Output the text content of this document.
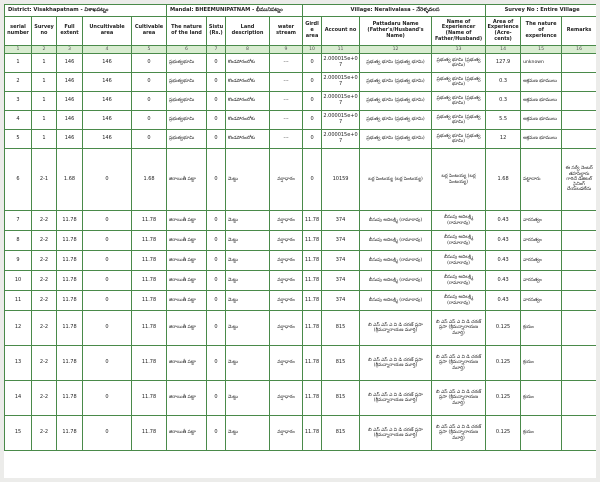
District: Visakhapatnam - విశాఖపట్నం					Mandal: BHEEMUNIPATNAM - భీమునిపట్నం				Village: Neralivalasa - నేరెళ్ళవలస				Survey No : Entire Village		
serial number	Survey no	Full extent	Uncultivable area	Cultivable area	The nature of the land	Sistu (Rs.)	Land description	water stream	Girdle area	Account no	Pattadaru Name (Father's/Husband's Name)	Name of Experiencer (Name of Father/Husband)	Area of Experience (Acre-cents)	The nature of experience	Remarks
1	2	3	4	5	6	7	8	9	10	11	12	13	14	15	16
1	1	146	146	0	ప్రభుత్వభూమి	0	కొండపోరంబోకు	---	0	2.000015e+07	ప్రభుత్వ భూమి (ప్రభుత్వ భూమి)	ప్రభుత్వ భూమి (ప్రభుత్వ భూమి)	127.9	unknown	
2	1	146	146	0	ప్రభుత్వభూమి	0	కొండపోరంబోకు	---	0	2.000015e+07	ప్రభుత్వ భూమి (ప్రభుత్వ భూమి)	ప్రభుత్వ భూమి (ప్రభుత్వ భూమి)	0.3	ఆక్రమణ భూములు	
3	1	146	146	0	ప్రభుత్వభూమి	0	కొండపోరంబోకు	---	0	2.000015e+07	ప్రభుత్వ భూమి (ప్రభుత్వ భూమి)	ప్రభుత్వ భూమి (ప్రభుత్వ భూమి)	0.3	ఆక్రమణ భూములు	
4	1	146	146	0	ప్రభుత్వభూమి	0	కొండపోరంబోకు	---	0	2.000015e+07	ప్రభుత్వ భూమి (ప్రభుత్వ భూమి)	ప్రభుత్వ భూమి (ప్రభుత్వ భూమి)	5.5	ఆక్రమణ భూములు	
5	1	146	146	0	ప్రభుత్వభూమి	0	కొండపోరంబోకు	---	0	2.000015e+07	ప్రభుత్వ భూమి (ప్రభుత్వ భూమి)	ప్రభుత్వ భూమి (ప్రభుత్వ భూమి)	12	ఆక్రమణ భూములు	
6	2-1	1.68	0	1.68	జిరాయితీ పట్టా	0	మెట్టు	వర్షాధారం	0	10159	బర్ల పెంటయ్య (బర్ల పెంటయ్య)	బర్ల పెంటయ్య (బర్ల పెంటయ్య)	1.68	పట్టాదారు	ఈ సర్వే నెంబర్ తహసిల్దారు గారిచే డిజిటల్ సైనింగ్ చేయబడలేదు
7	2-2	11.78	0	11.78	జిరాయితీ పట్టా	0	మెట్టు	వర్షాధారం	11.78	374	బీసుపు అదిలక్ష్మి (రామారావు)	బీసుపు అదిలక్ష్మి (రామారావు)	0.43	వారసత్వం	
8	2-2	11.78	0	11.78	జిరాయితీ పట్టా	0	మెట్టు	వర్షాధారం	11.78	374	బీసుపు అదిలక్ష్మి (రామారావు)	బీసుపు అదిలక్ష్మి (రామారావు)	0.43	వారసత్వం	
9	2-2	11.78	0	11.78	జిరాయితీ పట్టా	0	మెట్టు	వర్షాధారం	11.78	374	బీసుపు అదిలక్ష్మి (రామారావు)	బీసుపు అదిలక్ష్మి (రామారావు)	0.43	వారసత్వం	
10	2-2	11.78	0	11.78	జిరాయితీ పట్టా	0	మెట్టు	వర్షాధారం	11.78	374	బీసుపు అదిలక్ష్మి (రామారావు)	బీసుపు అదిలక్ష్మి (రామారావు)	0.43	వారసత్వం	
11	2-2	11.78	0	11.78	జిరాయితీ పట్టా	0	మెట్టు	వర్షాధారం	11.78	374	బీసుపు అదిలక్ష్మి (రామారావు)	బీసుపు అదిలక్ష్మి (రామారావు)	0.43	వారసత్వం	
12	2-2	11.78	0	11.78	జిరాయితీ పట్టా	0	మెట్టు	వర్షాధారం	11.78	815	బి ఎస్ ఎస్ ఎ వి డి చరణ్ ప్రసా (శ్రీమన్నారాయణ మూర్తి)	బి ఎస్ ఎస్ ఎ వి డి చరణ్ ప్రసా (శ్రీమన్నారాయణ మూర్తి)	0.125	క్రయం	
13	2-2	11.78	0	11.78	జిరాయితీ పట్టా	0	మెట్టు	వర్షాధారం	11.78	815	బి ఎస్ ఎస్ ఎ వి డి చరణ్ ప్రసా (శ్రీమన్నారాయణ మూర్తి)	బి ఎస్ ఎస్ ఎ వి డి చరణ్ ప్రసా (శ్రీమన్నారాయణ మూర్తి)	0.125	క్రయం	
14	2-2	11.78	0	11.78	జిరాయితీ పట్టా	0	మెట్టు	వర్షాధారం	11.78	815	బి ఎస్ ఎస్ ఎ వి డి చరణ్ ప్రసా (శ్రీమన్నారాయణ మూర్తి)	బి ఎస్ ఎస్ ఎ వి డి చరణ్ ప్రసా (శ్రీమన్నారాయణ మూర్తి)	0.125	క్రయం	
15	2-2	11.78	0	11.78	జిరాయితీ పట్టా	0	మెట్టు	వర్షాధారం	11.78	815	బి ఎస్ ఎస్ ఎ వి డి చరణ్ ప్రసా (శ్రీమన్నారాయణ మూర్తి)	బి ఎస్ ఎస్ ఎ వి డి చరణ్ ప్రసా (శ్రీమన్నారాయణ మూర్తి)	0.125	క్రయం	
